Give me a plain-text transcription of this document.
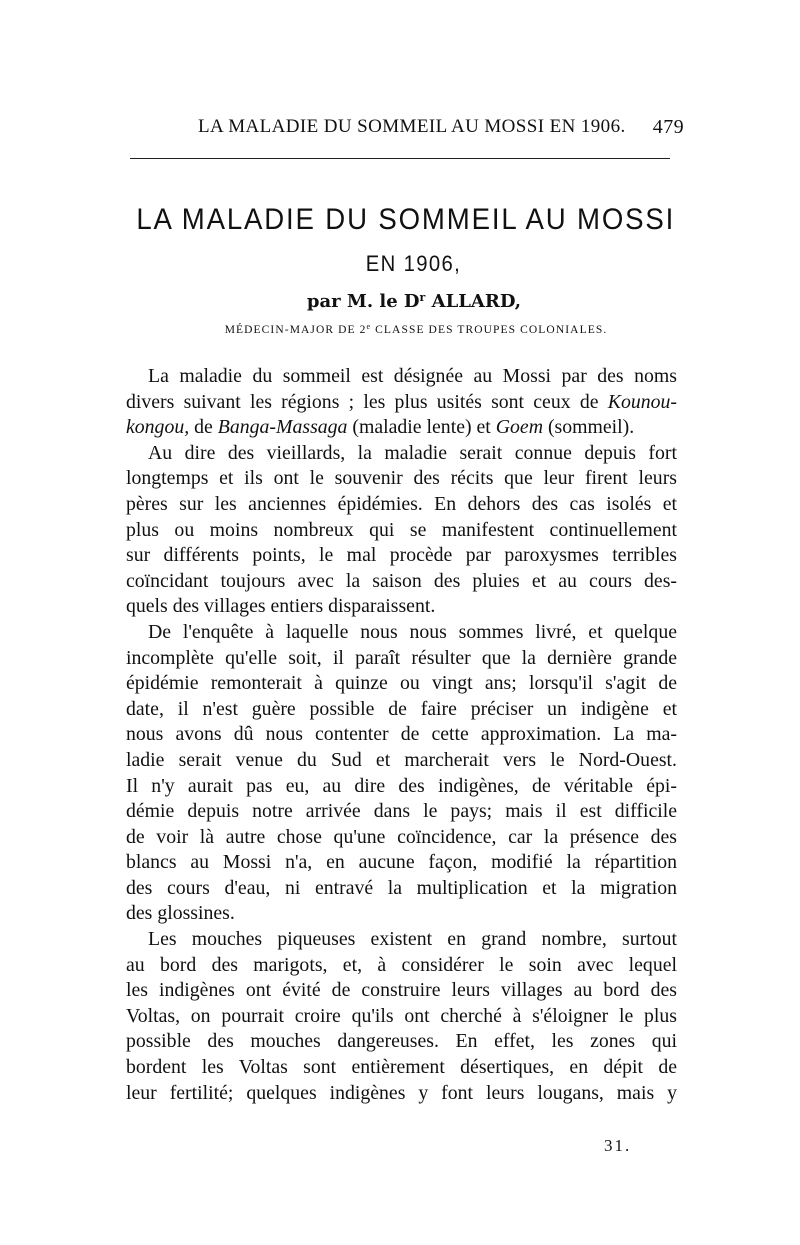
LA MALADIE DU SOMMEIL AU MOSSI EN 1906. 479
LA MALADIE DU SOMMEIL AU MOSSI
EN 1906,
par M. le $D^r$ ALLARD,
MÉDECIN-MAJOR DE 2e CLASSE DES TROUPES COLONIALES.
La maladie du sommeil est désignée au Mossi par des noms
divers suivant les régions ; les plus usités sont ceux de Kounou-
kongou, de Banga-Massaga (maladie lente) et Goem (sommeil).
Au dire des vieillards, la maladie serait connue depuis fort
longtemps et ils ont le souvenir des récits que leur firent leurs
pères sur les anciennes épidémies. En dehors des cas isolés et
plus ou moins nombreux qui se manifestent continuellement
sur différents points, le mal procède par paroxysmes terribles
coïncidant toujours avec la saison des pluies et au cours des-
quels des villages entiers disparaissent.
De l'enquête à laquelle nous nous sommes livré, et quelque
incomplète qu'elle soit, il paraît résulter que la dernière grande
épidémie remonterait à quinze ou vingt ans; lorsqu'il s'agit de
date, il n'est guère possible de faire préciser un indigène et
nous avons dû nous contenter de cette approximation. La ma-
ladie serait venue du Sud et marcherait vers le Nord-Ouest.
Il n'y aurait pas eu, au dire des indigènes, de véritable épi-
démie depuis notre arrivée dans le pays; mais il est difficile
de voir là autre chose qu'une coïncidence, car la présence des
blancs au Mossi n'a, en aucune façon, modifié la répartition
des cours d'eau, ni entravé la multiplication et la migration
des glossines.
Les mouches piqueuses existent en grand nombre, surtout
au bord des marigots, et, à considérer le soin avec lequel
les indigènes ont évité de construire leurs villages au bord des
Voltas, on pourrait croire qu'ils ont cherché à s'éloigner le plus
possible des mouches dangereuses. En effet, les zones qui
bordent les Voltas sont entièrement désertiques, en dépit de
leur fertilité; quelques indigènes y font leurs lougans, mais y
31.
